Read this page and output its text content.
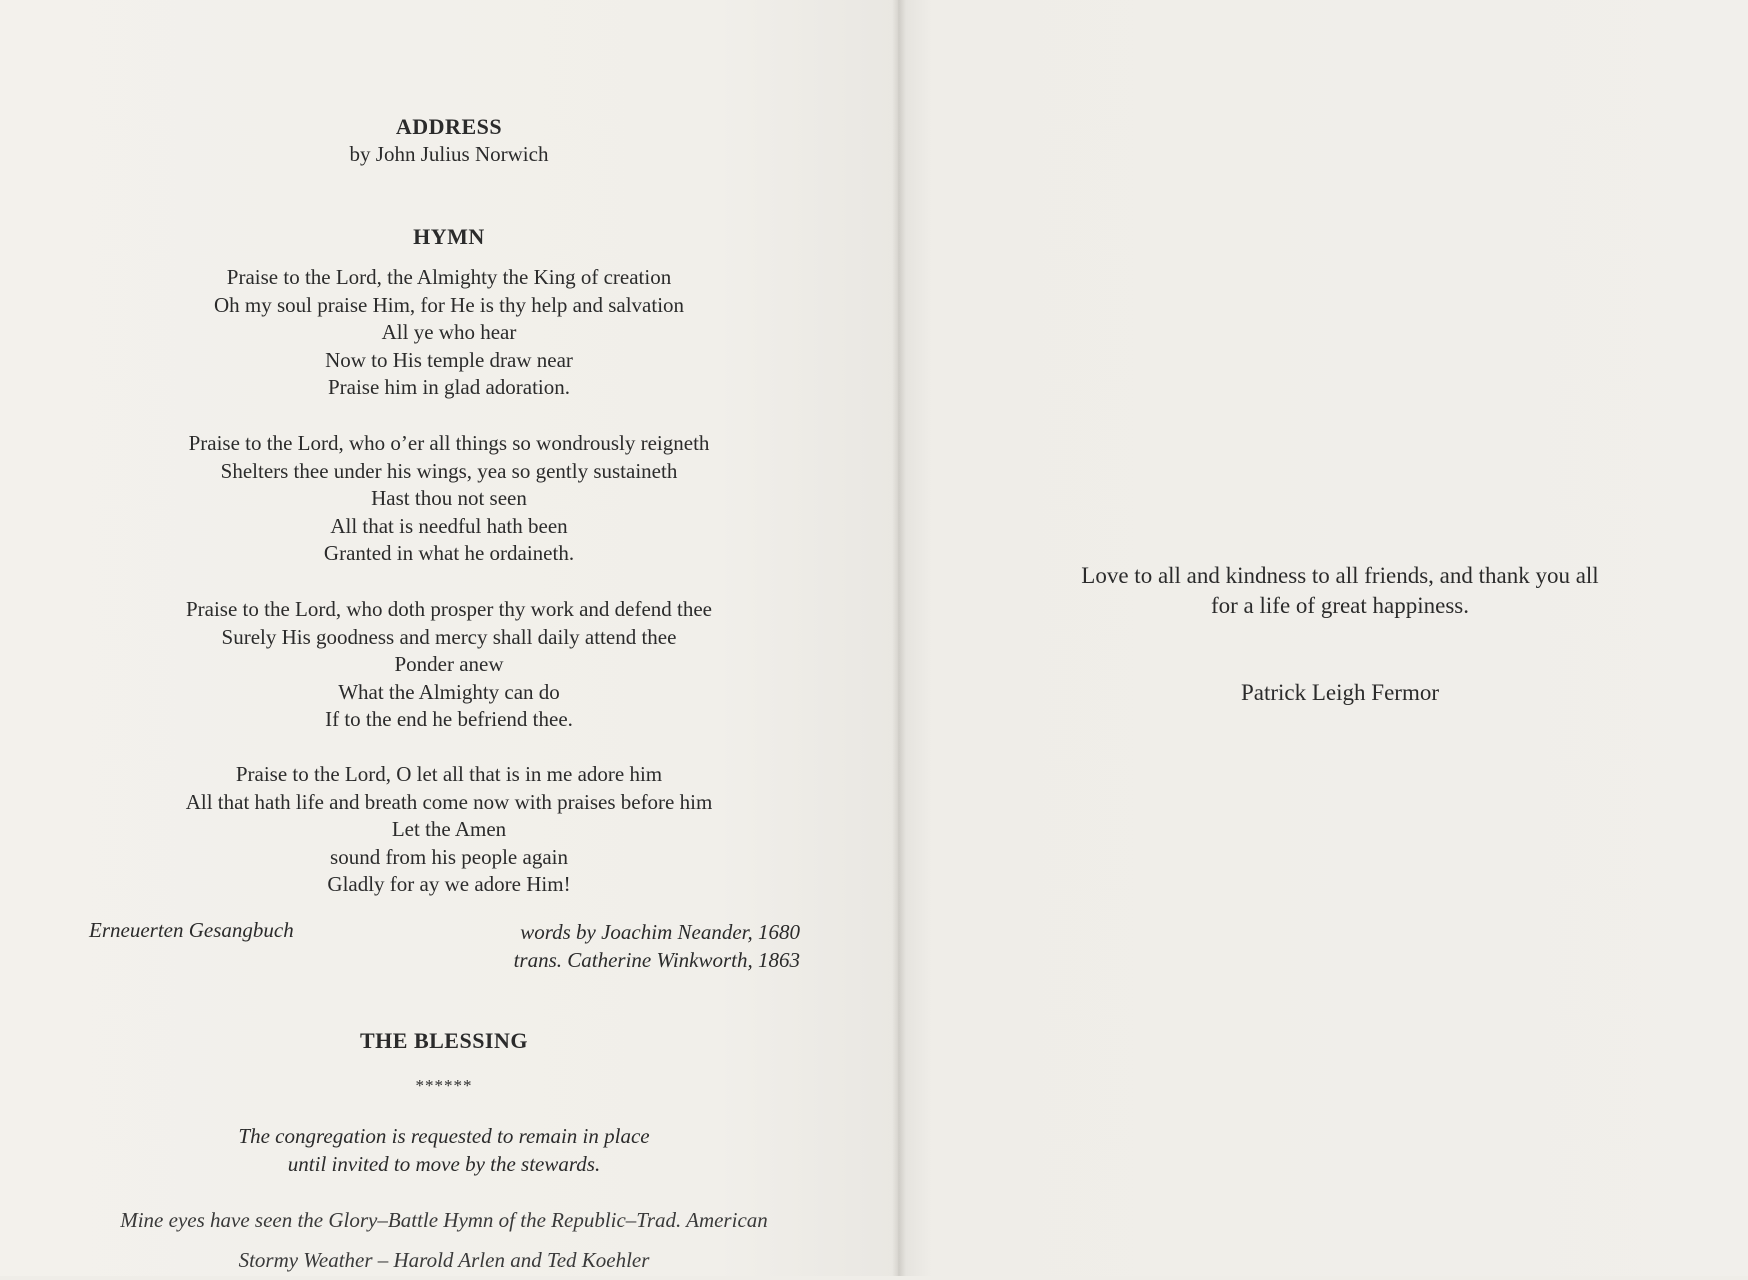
ADDRESS

by John Julius Norwich

HYMN
Praise to the Lord, the Almighty the King of creation
Oh my soul praise Him, for He is thy help and salvation
All ye who hear
Now to His temple draw near
Praise him in glad adoration.
Praise to the Lord, who o’er all things so wondrously reigneth
Shelters thee under his wings, yea so gently sustaineth
Hast thou not seen
All that is needful hath been
Granted in what he ordaineth.
Praise to the Lord, who doth prosper thy work and defend thee
Surely His goodness and mercy shall daily attend thee
Ponder anew
What the Almighty can do
If to the end he befriend thee.
Praise to the Lord, O let all that is in me adore him
All that hath life and breath come now with praises before him
Let the Amen
sound from his people again
Gladly for ay we adore Him!

Erneuerten Gesangbuch	words by Joachim Neander, 1680

trans. Catherine Winkworth, 1863

THE BLESSING

******

The congregation is requested to remain in place
until invited to move by the stewards.
Mine eyes have seen the Glory–Battle Hymn of the Republic–Trad. American
Stormy Weather – Harold Arlen and Ted Koehler
Love to all and kindness to all friends, and thank you all
for a life of great happiness.

Patrick Leigh Fermor
